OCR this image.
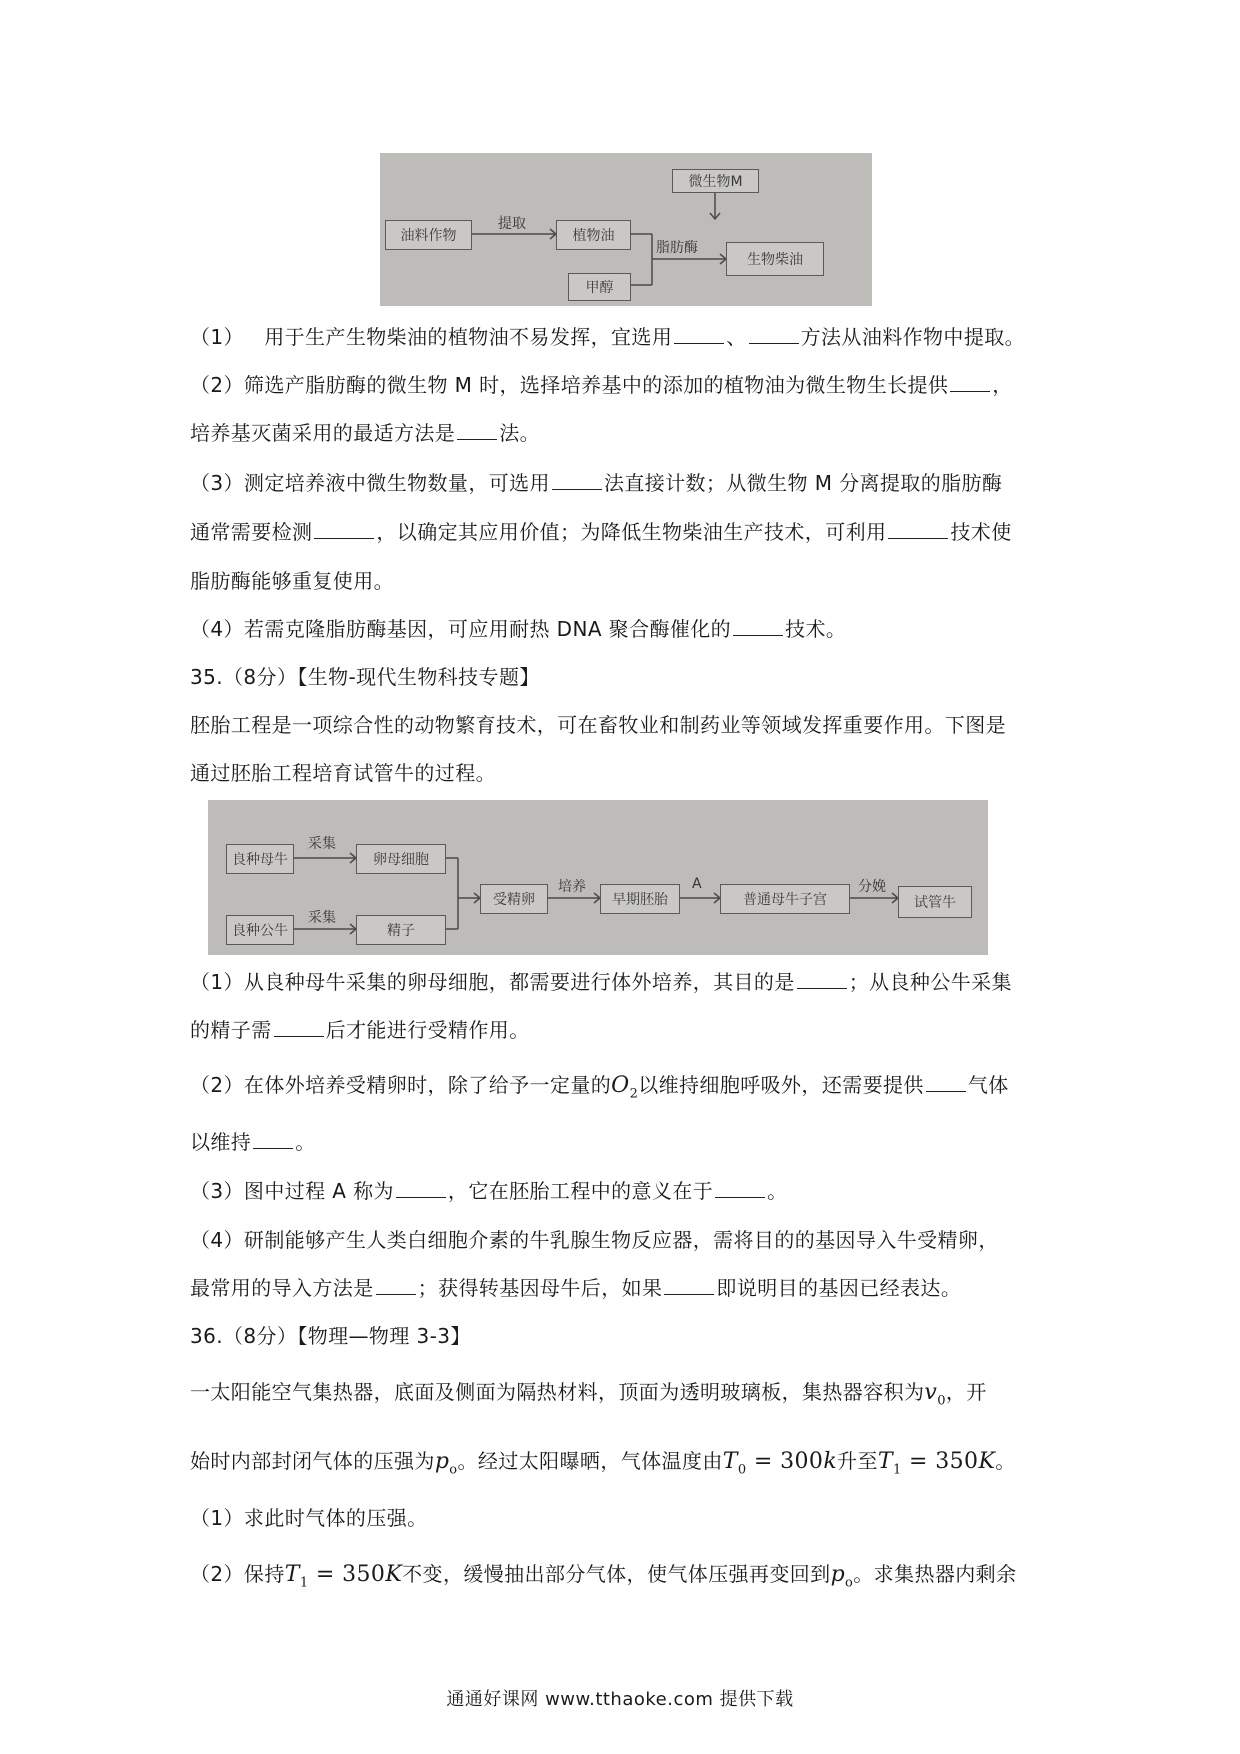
油料作物	植物油
甲醇
微生物M
生物柴油
提取
脂肪酶
（1） 用于生产生物柴油的植物油不易发挥，宜选用	、	方法从油料作物中提取。
（2）筛选产脂肪酶的微生物 M 时，选择培养基中的添加的植物油为微生物生长提供 ，
培养基灭菌采用的最适方法是 法。
（3）测定培养液中微生物数量，可选用	法直接计数；从微生物 M 分离提取的脂肪酶
通常需要检测	，以确定其应用价值；为降低生物柴油生产技术，可利用	技术使
脂肪酶能够重复使用。
（4）若需克隆脂肪酶基因，可应用耐热 DNA 聚合酶催化的	技术。
35.（8分）【生物-现代生物科技专题】
胚胎工程是一项综合性的动物繁育技术，可在畜牧业和制药业等领域发挥重要作用。下图是
通过胚胎工程培育试管牛的过程。
良种母牛	卵母细胞
良种公牛	精子
受精卵	早期胚胎	普通母牛子宫	试管牛
采集
采集
培养	A	分娩
（1）从良种母牛采集的卵母细胞，都需要进行体外培养，其目的是	；从良种公牛采集
的精子需	后才能进行受精作用。
（2）在体外培养受精卵时，除了给予一定量的$O_2$以维持细胞呼吸外，还需要提供 气体
以维持 。
（3）图中过程 A 称为	，它在胚胎工程中的意义在于	。
（4）研制能够产生人类白细胞介素的牛乳腺生物反应器，需将目的的基因导入牛受精卵，
最常用的导入方法是 ；获得转基因母牛后，如果	即说明目的基因已经表达。
36.（8分）【物理—物理 3-3】
一太阳能空气集热器，底面及侧面为隔热材料，顶面为透明玻璃板，集热器容积为$v_0$，开
始时内部封闭气体的压强为$p_o$。经过太阳曝晒，气体温度由$T_0 = 300k$升至$T_1 = 350K$。
（1）求此时气体的压强。
（2）保持$T_1 = 350K$不变，缓慢抽出部分气体，使气体压强再变回到$p_o$。求集热器内剩余
通通好课网 www.tthaoke.com 提供下载
